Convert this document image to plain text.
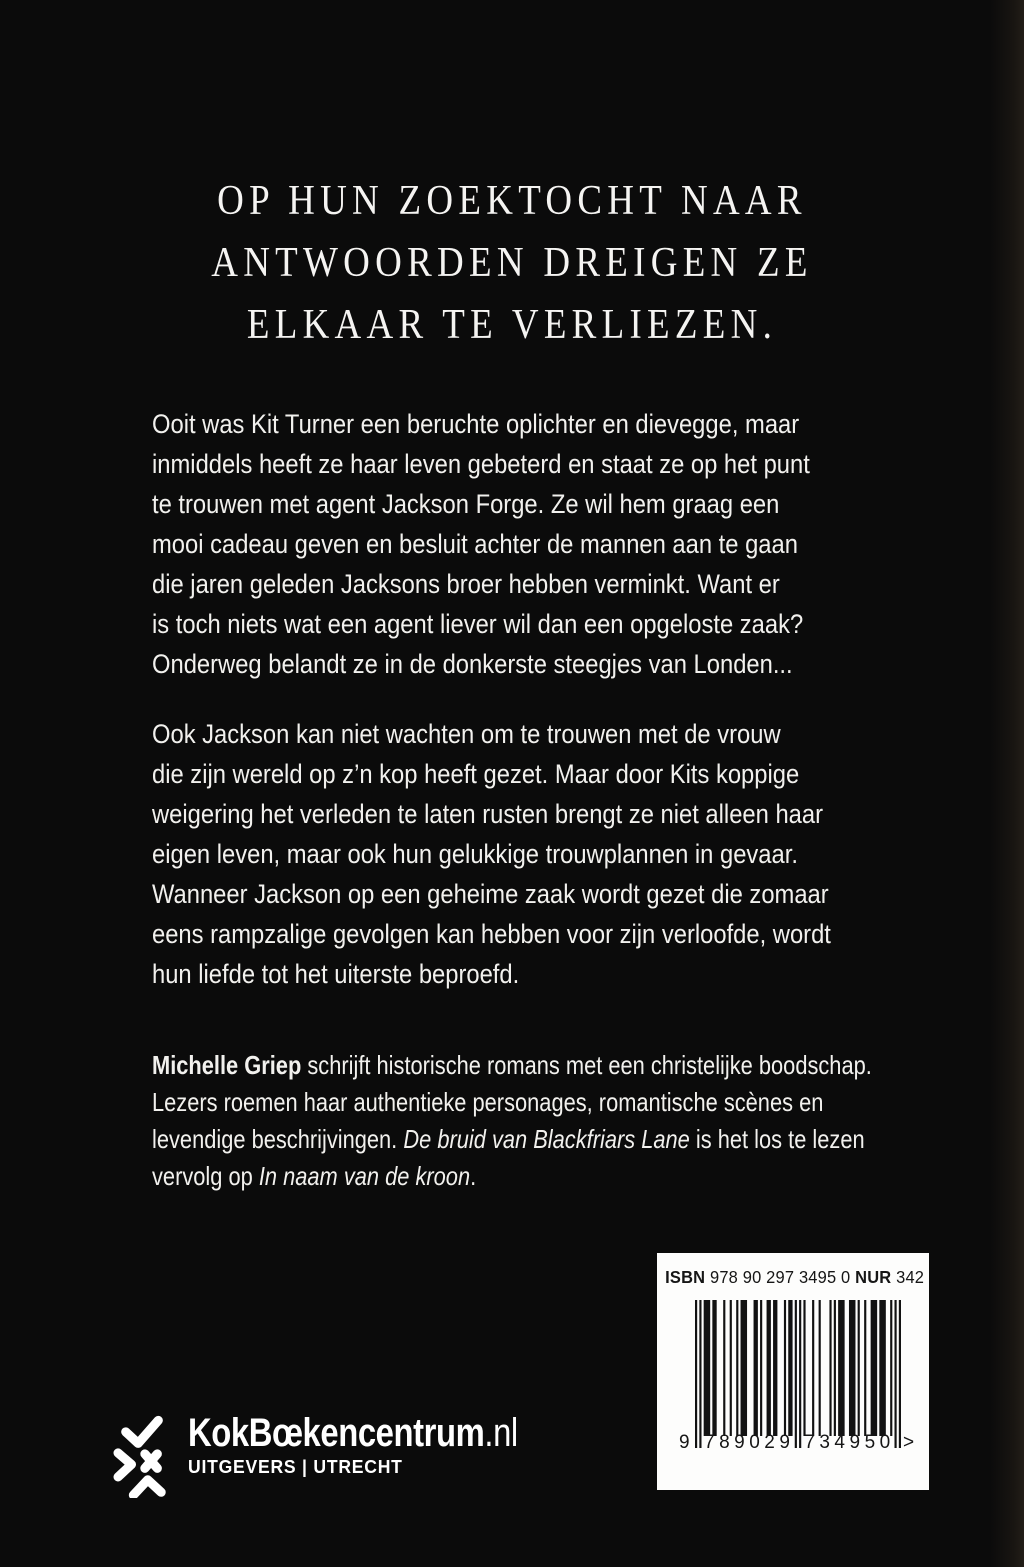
OP HUN ZOEKTOCHT NAAR
ANTWOORDEN DREIGEN ZE
ELKAAR TE VERLIEZEN.
Ooit was Kit Turner een beruchte oplichter en dievegge, maar
inmiddels heeft ze haar leven gebeterd en staat ze op het punt
te trouwen met agent Jackson Forge. Ze wil hem graag een
mooi cadeau geven en besluit achter de mannen aan te gaan
die jaren geleden Jacksons broer hebben verminkt. Want er
is toch niets wat een agent liever wil dan een opgeloste zaak?
Onderweg belandt ze in de donkerste steegjes van Londen...
Ook Jackson kan niet wachten om te trouwen met de vrouw
die zijn wereld op z’n kop heeft gezet. Maar door Kits koppige
weigering het verleden te laten rusten brengt ze niet alleen haar
eigen leven, maar ook hun gelukkige trouwplannen in gevaar.
Wanneer Jackson op een geheime zaak wordt gezet die zomaar
eens rampzalige gevolgen kan hebben voor zijn verloofde, wordt
hun liefde tot het uiterste beproefd.
Michelle Griep schrijft historische romans met een christelijke boodschap.
Lezers roemen haar authentieke personages, romantische scènes en
levendige beschrijvingen. De bruid van Blackfriars Lane is het los te lezen
vervolg op In naam van de kroon.
ISBN 978 90 297 3495 0 NUR 342
9 789029 734950 >
KokBœkencentrum.nl
UITGEVERS | UTRECHT
